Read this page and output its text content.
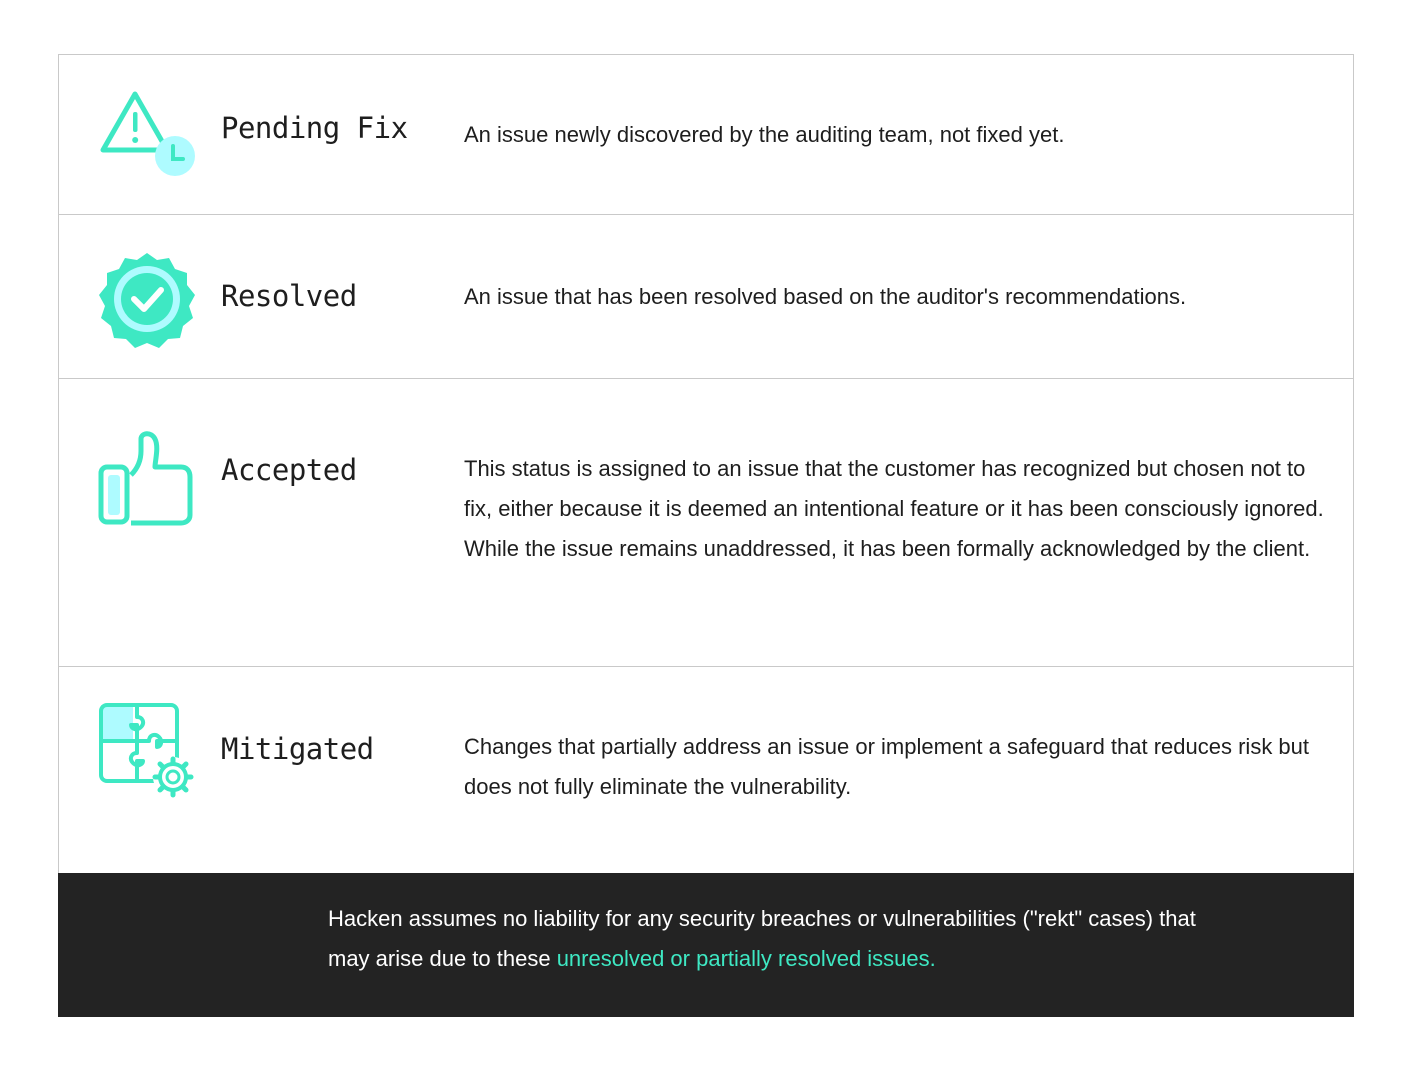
Pending Fix	An issue newly discovered by the auditing team, not fixed yet.
Resolved	An issue that has been resolved based on the auditor's recommendations.
Accepted	This status is assigned to an issue that the customer has recognized but chosen not to fix, either because it is deemed an intentional feature or it has been consciously ignored. While the issue remains unaddressed, it has been formally acknowledged by the client.
Mitigated	Changes that partially address an issue or implement a safeguard that reduces risk but does not fully eliminate the vulnerability.
Hacken assumes no liability for any security breaches or vulnerabilities ("rekt" cases) that may arise due to these unresolved or partially resolved issues.
